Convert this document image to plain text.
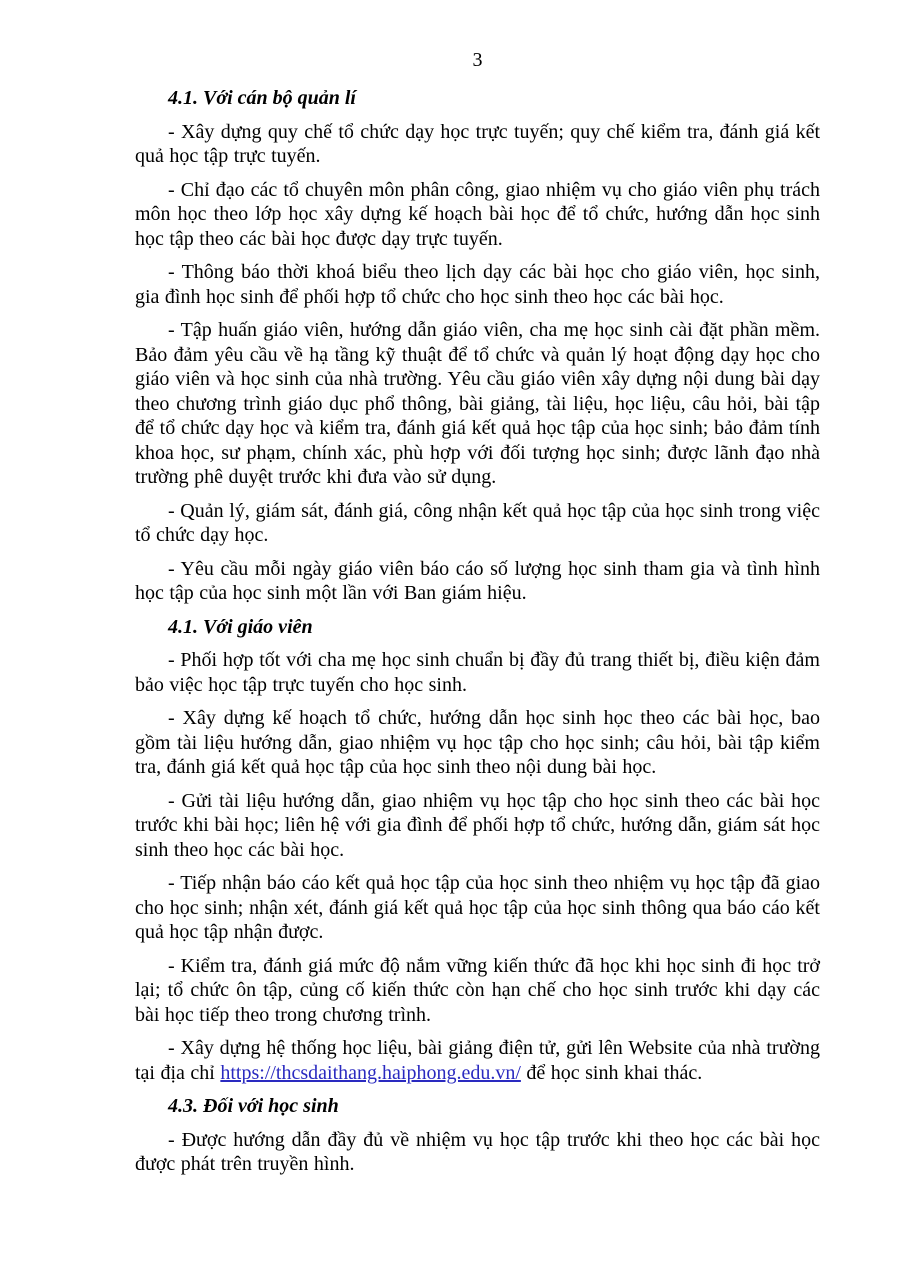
3
4.1. Với cán bộ quản lí

- Xây dựng quy chế tổ chức dạy học trực tuyến; quy chế kiểm tra, đánh giá kết quả học tập trực tuyến.

- Chỉ đạo các tổ chuyên môn phân công, giao nhiệm vụ cho giáo viên phụ trách môn học theo lớp học xây dựng kế hoạch bài học để tổ chức, hướng dẫn học sinh học tập theo các bài học được dạy trực tuyến.

- Thông báo thời khoá biểu theo lịch dạy các bài học cho giáo viên, học sinh, gia đình học sinh để phối hợp tổ chức cho học sinh theo học các bài học.

- Tập huấn giáo viên, hướng dẫn giáo viên, cha mẹ học sinh cài đặt phần mềm. Bảo đảm yêu cầu về hạ tầng kỹ thuật để tổ chức và quản lý hoạt động dạy học cho giáo viên và học sinh của nhà trường. Yêu cầu giáo viên xây dựng nội dung bài dạy theo chương trình giáo dục phổ thông, bài giảng, tài liệu, học liệu, câu hỏi, bài tập để tổ chức dạy học và kiểm tra, đánh giá kết quả học tập của học sinh; bảo đảm tính khoa học, sư phạm, chính xác, phù hợp với đối tượng học sinh; được lãnh đạo nhà trường phê duyệt trước khi đưa vào sử dụng.

- Quản lý, giám sát, đánh giá, công nhận kết quả học tập của học sinh trong việc tổ chức dạy học.

- Yêu cầu mỗi ngày giáo viên báo cáo số lượng học sinh tham gia và tình hình học tập của học sinh một lần với Ban giám hiệu.

4.1. Với giáo viên

- Phối hợp tốt với cha mẹ học sinh chuẩn bị đầy đủ trang thiết bị, điều kiện đảm bảo việc học tập trực tuyến cho học sinh.

- Xây dựng kế hoạch tổ chức, hướng dẫn học sinh học theo các bài học, bao gồm tài liệu hướng dẫn, giao nhiệm vụ học tập cho học sinh; câu hỏi, bài tập kiểm tra, đánh giá kết quả học tập của học sinh theo nội dung bài học.

- Gửi tài liệu hướng dẫn, giao nhiệm vụ học tập cho học sinh theo các bài học trước khi bài học; liên hệ với gia đình để phối hợp tổ chức, hướng dẫn, giám sát học sinh theo học các bài học.

- Tiếp nhận báo cáo kết quả học tập của học sinh theo nhiệm vụ học tập đã giao cho học sinh; nhận xét, đánh giá kết quả học tập của học sinh thông qua báo cáo kết quả học tập nhận được.

- Kiểm tra, đánh giá mức độ nắm vững kiến thức đã học khi học sinh đi học trở lại; tổ chức ôn tập, củng cố kiến thức còn hạn chế cho học sinh trước khi dạy các bài học tiếp theo trong chương trình.

- Xây dựng hệ thống học liệu, bài giảng điện tử, gửi lên Website của nhà trường tại địa chỉ https://thcsdaithang.haiphong.edu.vn/ để học sinh khai thác.

4.3. Đối với học sinh

- Được hướng dẫn đầy đủ về nhiệm vụ học tập trước khi theo học các bài học được phát trên truyền hình.
